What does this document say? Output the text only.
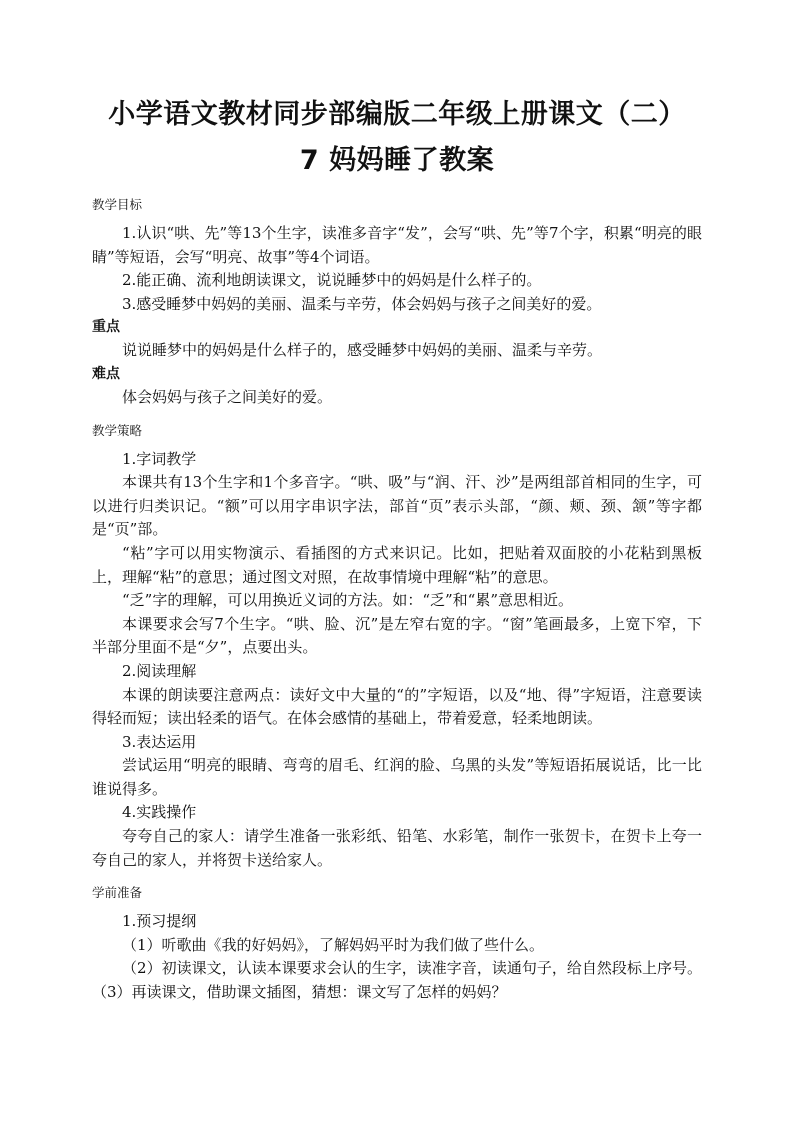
小学语文教材同步部编版二年级上册课文（二）
7 妈妈睡了教案
教学目标

1.认识“哄、先”等13个生字，读准多音字“发”，会写“哄、先”等7个字，积累“明亮的眼睛”等短语，会写“明亮、故事”等4个词语。

2.能正确、流利地朗读课文，说说睡梦中的妈妈是什么样子的。

3.感受睡梦中妈妈的美丽、温柔与辛劳，体会妈妈与孩子之间美好的爱。

重点

说说睡梦中的妈妈是什么样子的，感受睡梦中妈妈的美丽、温柔与辛劳。

难点

体会妈妈与孩子之间美好的爱。

教学策略

1.字词教学

本课共有13个生字和1个多音字。“哄、吸”与“润、汗、沙”是两组部首相同的生字，可以进行归类识记。“额”可以用字串识字法，部首“页”表示头部，“颜、颊、颈、颔”等字都是“页”部。

“粘”字可以用实物演示、看插图的方式来识记。比如，把贴着双面胶的小花粘到黑板上，理解“粘”的意思；通过图文对照，在故事情境中理解“粘”的意思。

“乏”字的理解，可以用换近义词的方法。如：“乏”和“累”意思相近。

本课要求会写7个生字。“哄、脸、沉”是左窄右宽的字。“窗”笔画最多，上宽下窄，下半部分里面不是“夕”，点要出头。

2.阅读理解

本课的朗读要注意两点：读好文中大量的“的”字短语，以及“地、得”字短语，注意要读得轻而短；读出轻柔的语气。在体会感情的基础上，带着爱意，轻柔地朗读。

3.表达运用

尝试运用“明亮的眼睛、弯弯的眉毛、红润的脸、乌黑的头发”等短语拓展说话，比一比谁说得多。

4.实践操作

夸夸自己的家人：请学生准备一张彩纸、铅笔、水彩笔，制作一张贺卡，在贺卡上夸一夸自己的家人，并将贺卡送给家人。

学前准备

1.预习提纲

（1）听歌曲《我的好妈妈》，了解妈妈平时为我们做了些什么。

（2）初读课文，认读本课要求会认的生字，读准字音，读通句子，给自然段标上序号。（3）再读课文，借助课文插图，猜想：课文写了怎样的妈妈？
